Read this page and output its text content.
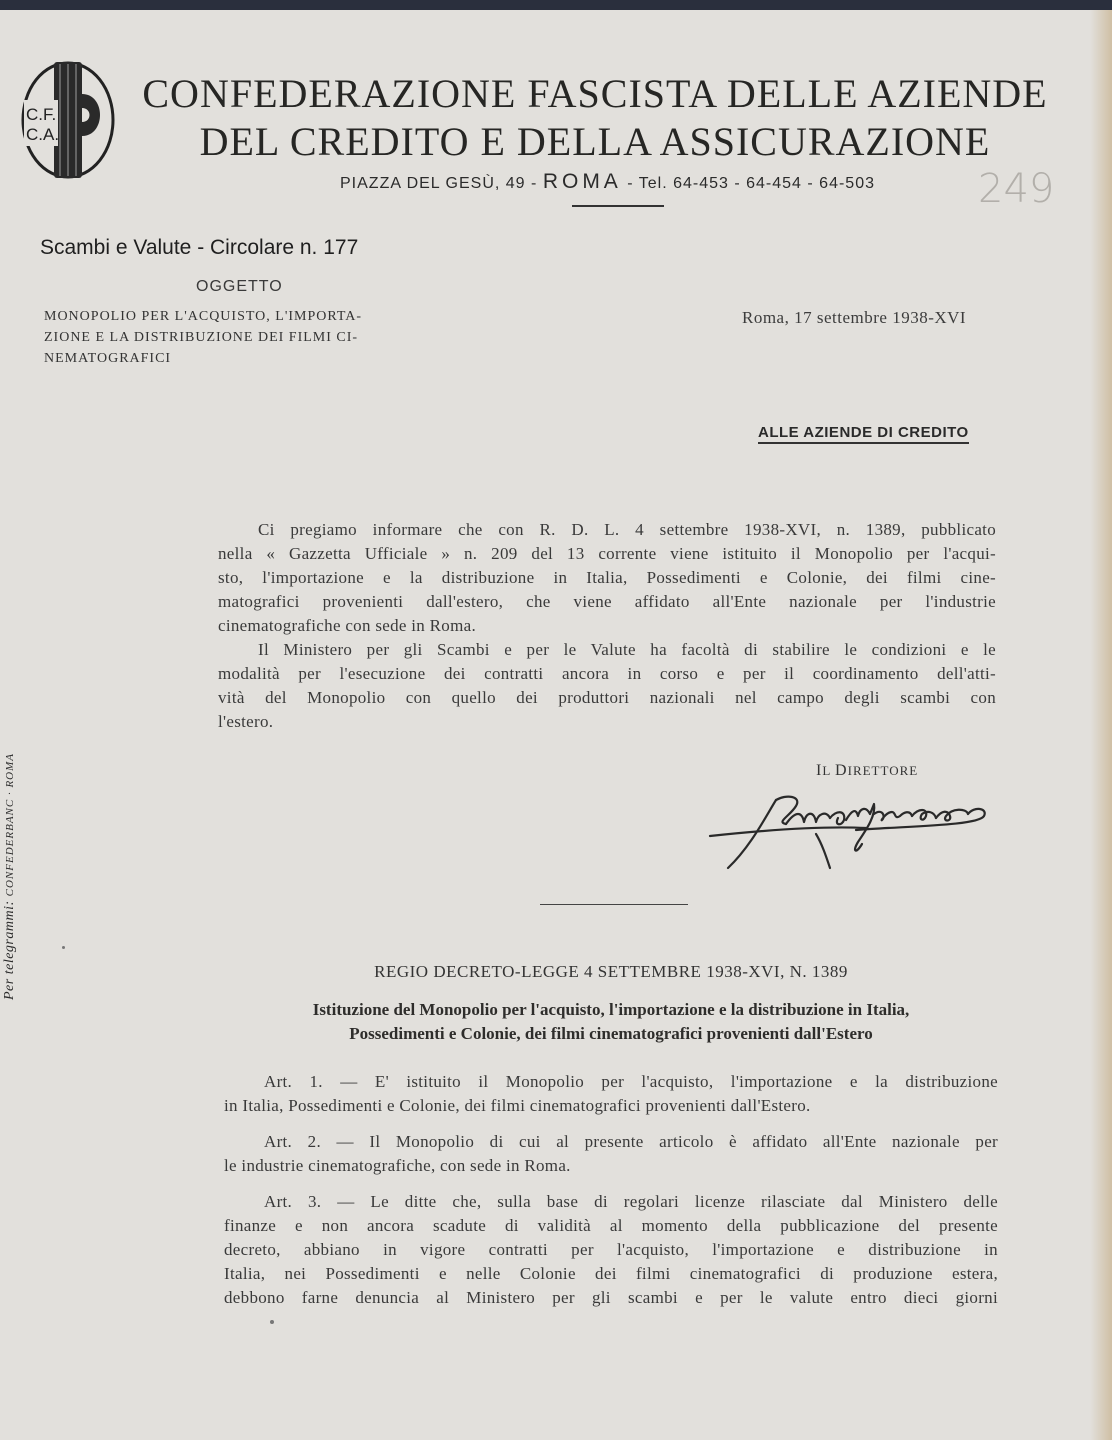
C.F.
C.A.
CONFEDERAZIONE FASCISTA DELLE AZIENDE
DEL CREDITO E DELLA ASSICURAZIONE
PIAZZA DEL GESÙ, 49 - ROMA - Tel. 64-453 - 64-454 - 64-503	249
Scambi e Valute - Circolare n. 177
OGGETTO
MONOPOLIO PER L'ACQUISTO, L'IMPORTA-
ZIONE E LA DISTRIBUZIONE DEI FILMI CI-
NEMATOGRAFICI
Roma, 17 settembre 1938-XVI
ALLE AZIENDE DI CREDITO
Ci pregiamo informare che con R. D. L. 4 settembre 1938-XVI, n. 1389, pubblicato
nella « Gazzetta Ufficiale » n. 209 del 13 corrente viene istituito il Monopolio per l'acqui-
sto, l'importazione e la distribuzione in Italia, Possedimenti e Colonie, dei filmi cine-
matografici provenienti dall'estero, che viene affidato all'Ente nazionale per l'industrie
cinematografiche con sede in Roma.
Il Ministero per gli Scambi e per le Valute ha facoltà di stabilire le condizioni e le
modalità per l'esecuzione dei contratti ancora in corso e per il coordinamento dell'atti-
vità del Monopolio con quello dei produttori nazionali nel campo degli scambi con
l'estero.
IL DIRETTORE
REGIO DECRETO-LEGGE 4 SETTEMBRE 1938-XVI, N. 1389
Istituzione del Monopolio per l'acquisto, l'importazione e la distribuzione in Italia,
Possedimenti e Colonie, dei filmi cinematografici provenienti dall'Estero
Art. 1. — E' istituito il Monopolio per l'acquisto, l'importazione e la distribuzione
in Italia, Possedimenti e Colonie, dei filmi cinematografici provenienti dall'Estero.
Art. 2. — Il Monopolio di cui al presente articolo è affidato all'Ente nazionale per
le industrie cinematografiche, con sede in Roma.
Art. 3. — Le ditte che, sulla base di regolari licenze rilasciate dal Ministero delle
finanze e non ancora scadute di validità al momento della pubblicazione del presente
decreto, abbiano in vigore contratti per l'acquisto, l'importazione e distribuzione in
Italia, nei Possedimenti e nelle Colonie dei filmi cinematografici di produzione estera,
debbono farne denuncia al Ministero per gli scambi e per le valute entro dieci giorni
Per telegrammi: CONFEDERBANC · ROMA
